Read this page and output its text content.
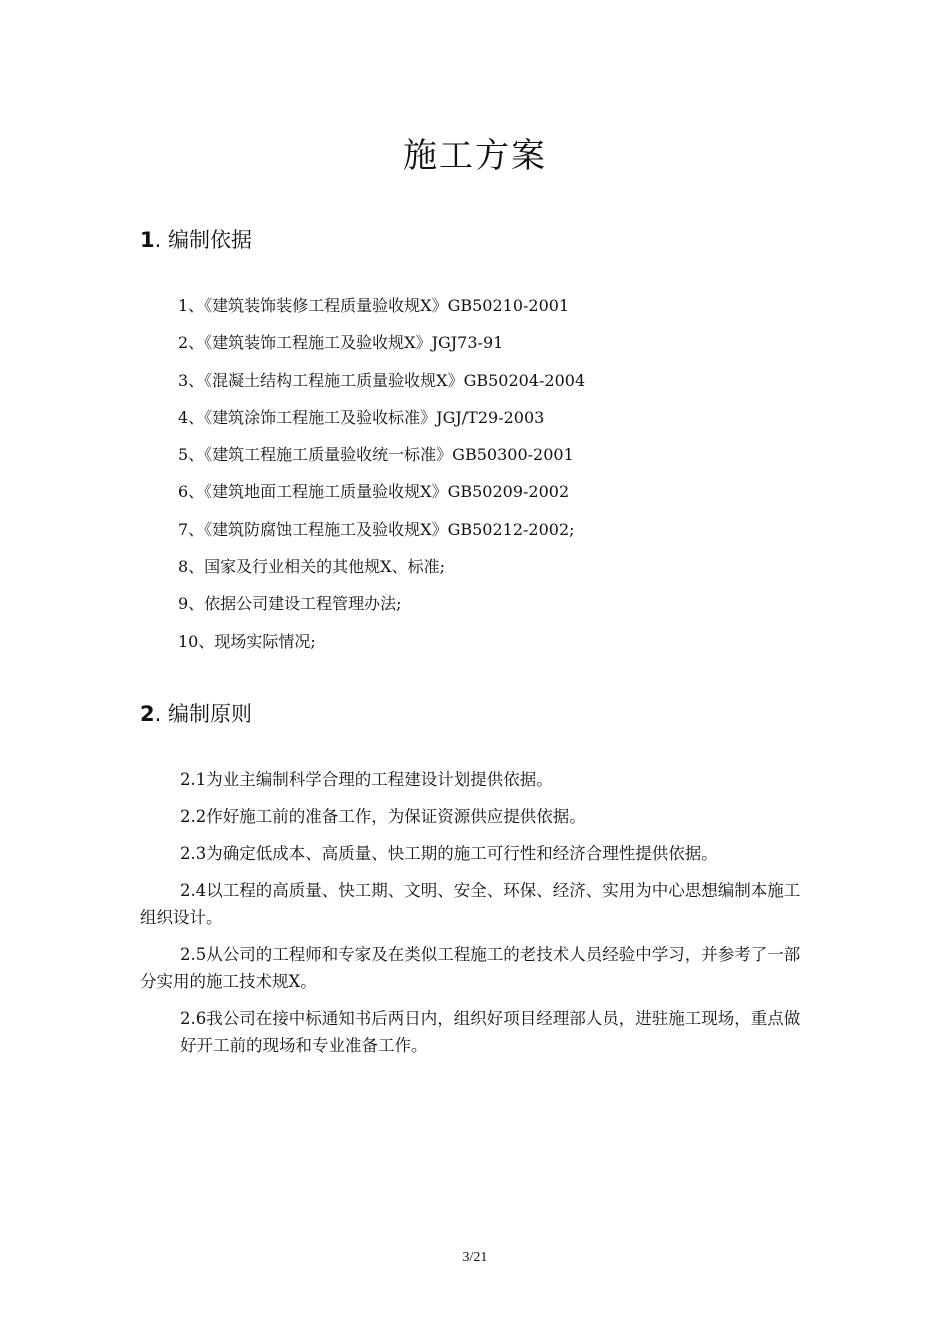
施工方案
1. 编制依据
1、《建筑装饰装修工程质量验收规X》GB50210-2001
2、《建筑装饰工程施工及验收规X》JGJ73-91
3、《混凝土结构工程施工质量验收规X》GB50204-2004
4、《建筑涂饰工程施工及验收标准》JGJ/T29-2003
5、《建筑工程施工质量验收统一标准》GB50300-2001
6、《建筑地面工程施工质量验收规X》GB50209-2002
7、《建筑防腐蚀工程施工及验收规X》GB50212-2002;
8、国家及行业相关的其他规X、标准;
9、依据公司建设工程管理办法;
10、现场实际情况;
2. 编制原则

2.1为业主编制科学合理的工程建设计划提供依据。

2.2作好施工前的准备工作，为保证资源供应提供依据。

2.3为确定低成本、高质量、快工期的施工可行性和经济合理性提供依据。

2.4以工程的高质量、快工期、文明、安全、环保、经济、实用为中心思想编制本施工组织设计。

2.5从公司的工程师和专家及在类似工程施工的老技术人员经验中学习，并参考了一部分实用的施工技术规X。

2.6我公司在接中标通知书后两日内，组织好项目经理部人员，进驻施工现场，重点做好开工前的现场和专业准备工作。

3/21
